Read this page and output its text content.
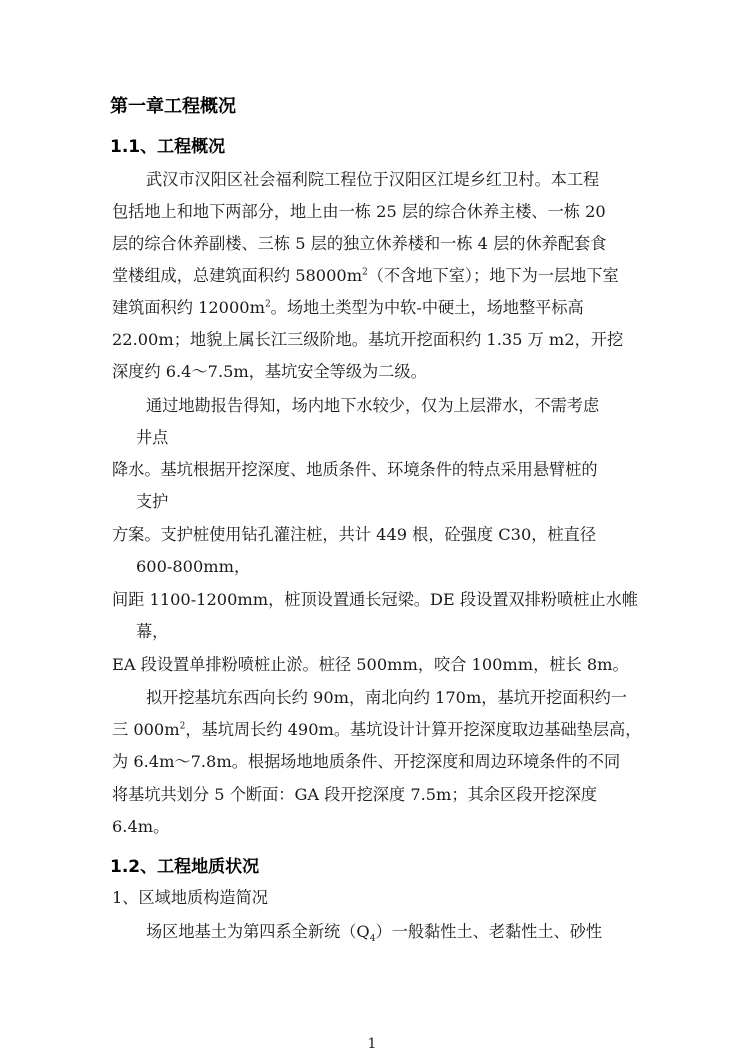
第一章工程概况
1.1、工程概况
武汉市汉阳区社会福利院工程位于汉阳区江堤乡红卫村。本工程
包括地上和地下两部分，地上由一栋 25 层的综合休养主楼、一栋 20
层的综合休养副楼、三栋 5 层的独立休养楼和一栋 4 层的休养配套食
堂楼组成，总建筑面积约 $58000m^2$（不含地下室）；地下为一层地下室
建筑面积约 $12000m^2$。场地土类型为中软-中硬土，场地整平标高
22.00m；地貌上属长江三级阶地。基坑开挖面积约 1.35 万 m2，开挖
深度约 6.4～7.5m，基坑安全等级为二级。
通过地勘报告得知，场内地下水较少，仅为上层滞水，不需考虑
井点
降水。基坑根据开挖深度、地质条件、环境条件的特点采用悬臂桩的
支护
方案。支护桩使用钻孔灌注桩，共计 449 根，砼强度 C30，桩直径
600-800mm，
间距 1100-1200mm，桩顶设置通长冠梁。DE 段设置双排粉喷桩止水帷
幕，
EA 段设置单排粉喷桩止淤。桩径 500mm，咬合 100mm，桩长 8m。
拟开挖基坑东西向长约 90m，南北向约 170m，基坑开挖面积约一
三 $000m^2$，基坑周长约 490m。基坑设计计算开挖深度取边基础垫层高，
为 6.4m～7.8m。根据场地地质条件、开挖深度和周边环境条件的不同
将基坑共划分 5 个断面：GA 段开挖深度 7.5m；其余区段开挖深度
6.4m。
1.2、工程地质状况
1、区域地质构造简况
场区地基土为第四系全新统$(Q_4)$一般黏性土、老黏性土、砂性
1
